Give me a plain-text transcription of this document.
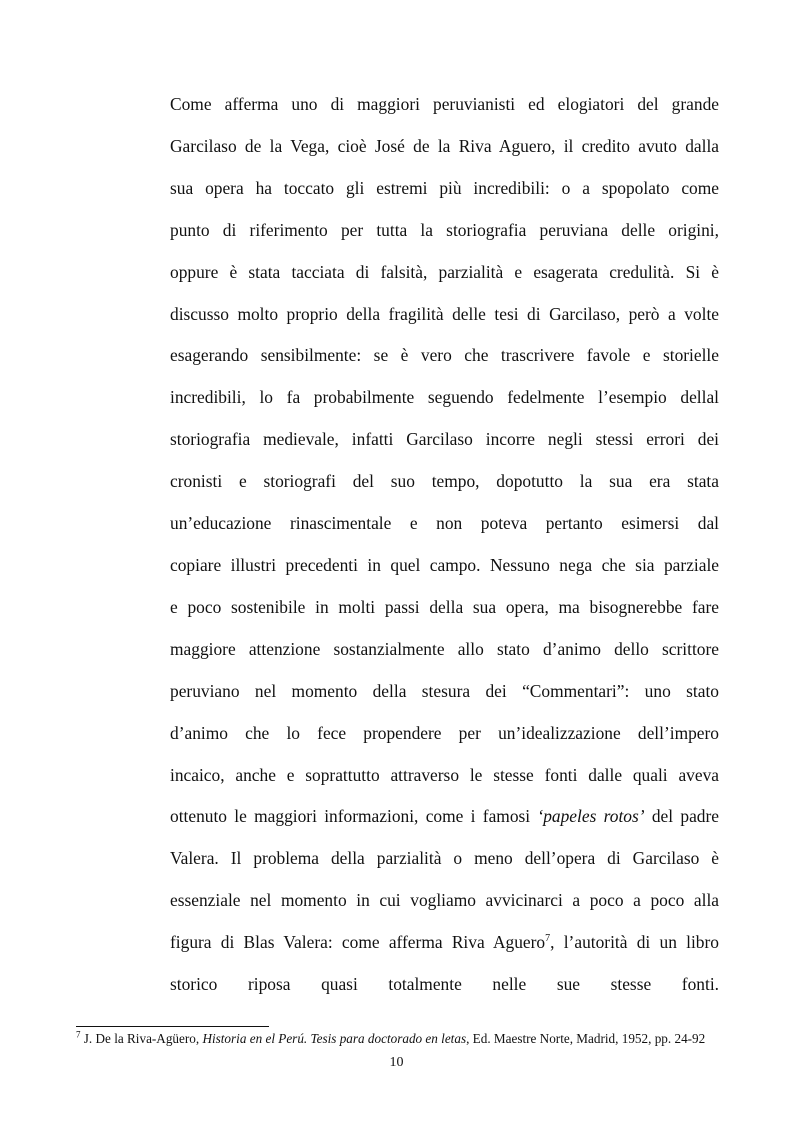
Come afferma uno di maggiori peruvianisti ed elogiatori del grande
Garcilaso de la Vega, cioè José de la Riva Aguero, il credito avuto dalla
sua opera ha toccato gli estremi più incredibili: o a spopolato come
punto di riferimento per tutta la storiografia peruviana delle origini,
oppure è stata tacciata di falsità, parzialità e esagerata credulità. Si è
discusso molto proprio della fragilità delle tesi di Garcilaso, però a volte
esagerando sensibilmente: se è vero che trascrivere favole e storielle
incredibili, lo fa probabilmente seguendo fedelmente l’esempio dellal
storiografia medievale, infatti Garcilaso incorre negli stessi errori dei
cronisti e storiografi del suo tempo, dopotutto la sua era stata
un’educazione rinascimentale e non poteva pertanto esimersi dal
copiare illustri precedenti in quel campo. Nessuno nega che sia parziale
e poco sostenibile in molti passi della sua opera, ma bisognerebbe fare
maggiore attenzione sostanzialmente allo stato d’animo dello scrittore
peruviano nel momento della stesura dei “Commentari”: uno stato
d’animo che lo fece propendere per un’idealizzazione dell’impero
incaico, anche e soprattutto attraverso le stesse fonti dalle quali aveva
ottenuto le maggiori informazioni, come i famosi ‘papeles rotos’ del padre
Valera. Il problema della parzialità o meno dell’opera di Garcilaso è
essenziale nel momento in cui vogliamo avvicinarci a poco a poco alla
figura di Blas Valera: come afferma Riva Aguero$^7$, l’autorità di un libro
storico riposa quasi totalmente nelle sue stesse fonti.
$^7$ J. De la Riva-Agüero, Historia en el Perú. Tesis para doctorado en letas, Ed. Maestre Norte, Madrid, 1952, pp. 24-92
10
